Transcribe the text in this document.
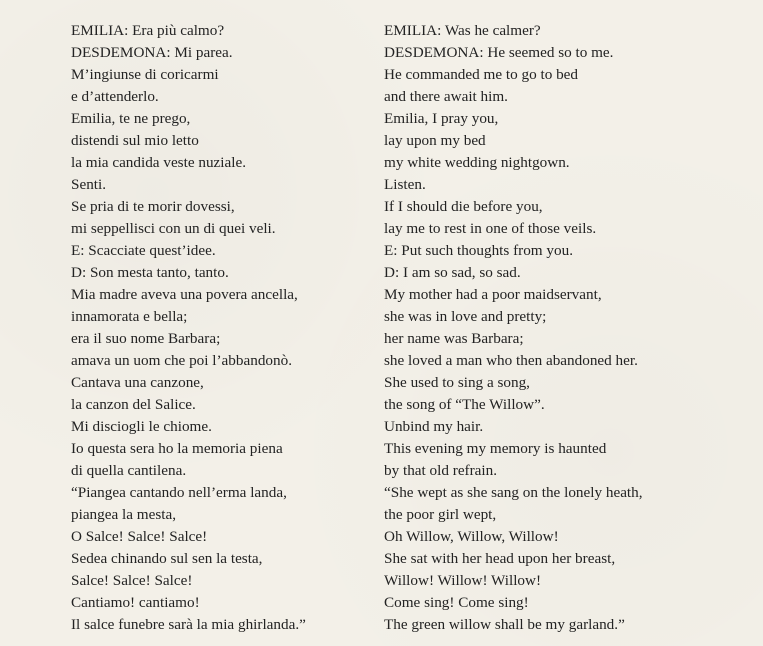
EMILIA: Era più calmo?
DESDEMONA: Mi parea.
M’ingiunse di coricarmi
e d’attenderlo.
Emilia, te ne prego,
distendi sul mio letto
la mia candida veste nuziale.
Senti.
Se pria di te morir dovessi,
mi seppellisci con un di quei veli.
E: Scacciate quest’idee.
D: Son mesta tanto, tanto.
Mia madre aveva una povera ancella,
innamorata e bella;
era il suo nome Barbara;
amava un uom che poi l’abbandonò.
Cantava una canzone,
la canzon del Salice.
Mi disciogli le chiome.
Io questa sera ho la memoria piena
di quella cantilena.
“Piangea cantando nell’erma landa,
piangea la mesta,
O Salce! Salce! Salce!
Sedea chinando sul sen la testa,
Salce! Salce! Salce!
Cantiamo! cantiamo!
Il salce funebre sarà la mia ghirlanda.”
EMILIA: Was he calmer?
DESDEMONA: He seemed so to me.
He commanded me to go to bed
and there await him.
Emilia, I pray you,
lay upon my bed
my white wedding nightgown.
Listen.
If I should die before you,
lay me to rest in one of those veils.
E: Put such thoughts from you.
D: I am so sad, so sad.
My mother had a poor maidservant,
she was in love and pretty;
her name was Barbara;
she loved a man who then abandoned her.
She used to sing a song,
the song of “The Willow”.
Unbind my hair.
This evening my memory is haunted
by that old refrain.
“She wept as she sang on the lonely heath,
the poor girl wept,
Oh Willow, Willow, Willow!
She sat with her head upon her breast,
Willow! Willow! Willow!
Come sing! Come sing!
The green willow shall be my garland.”
